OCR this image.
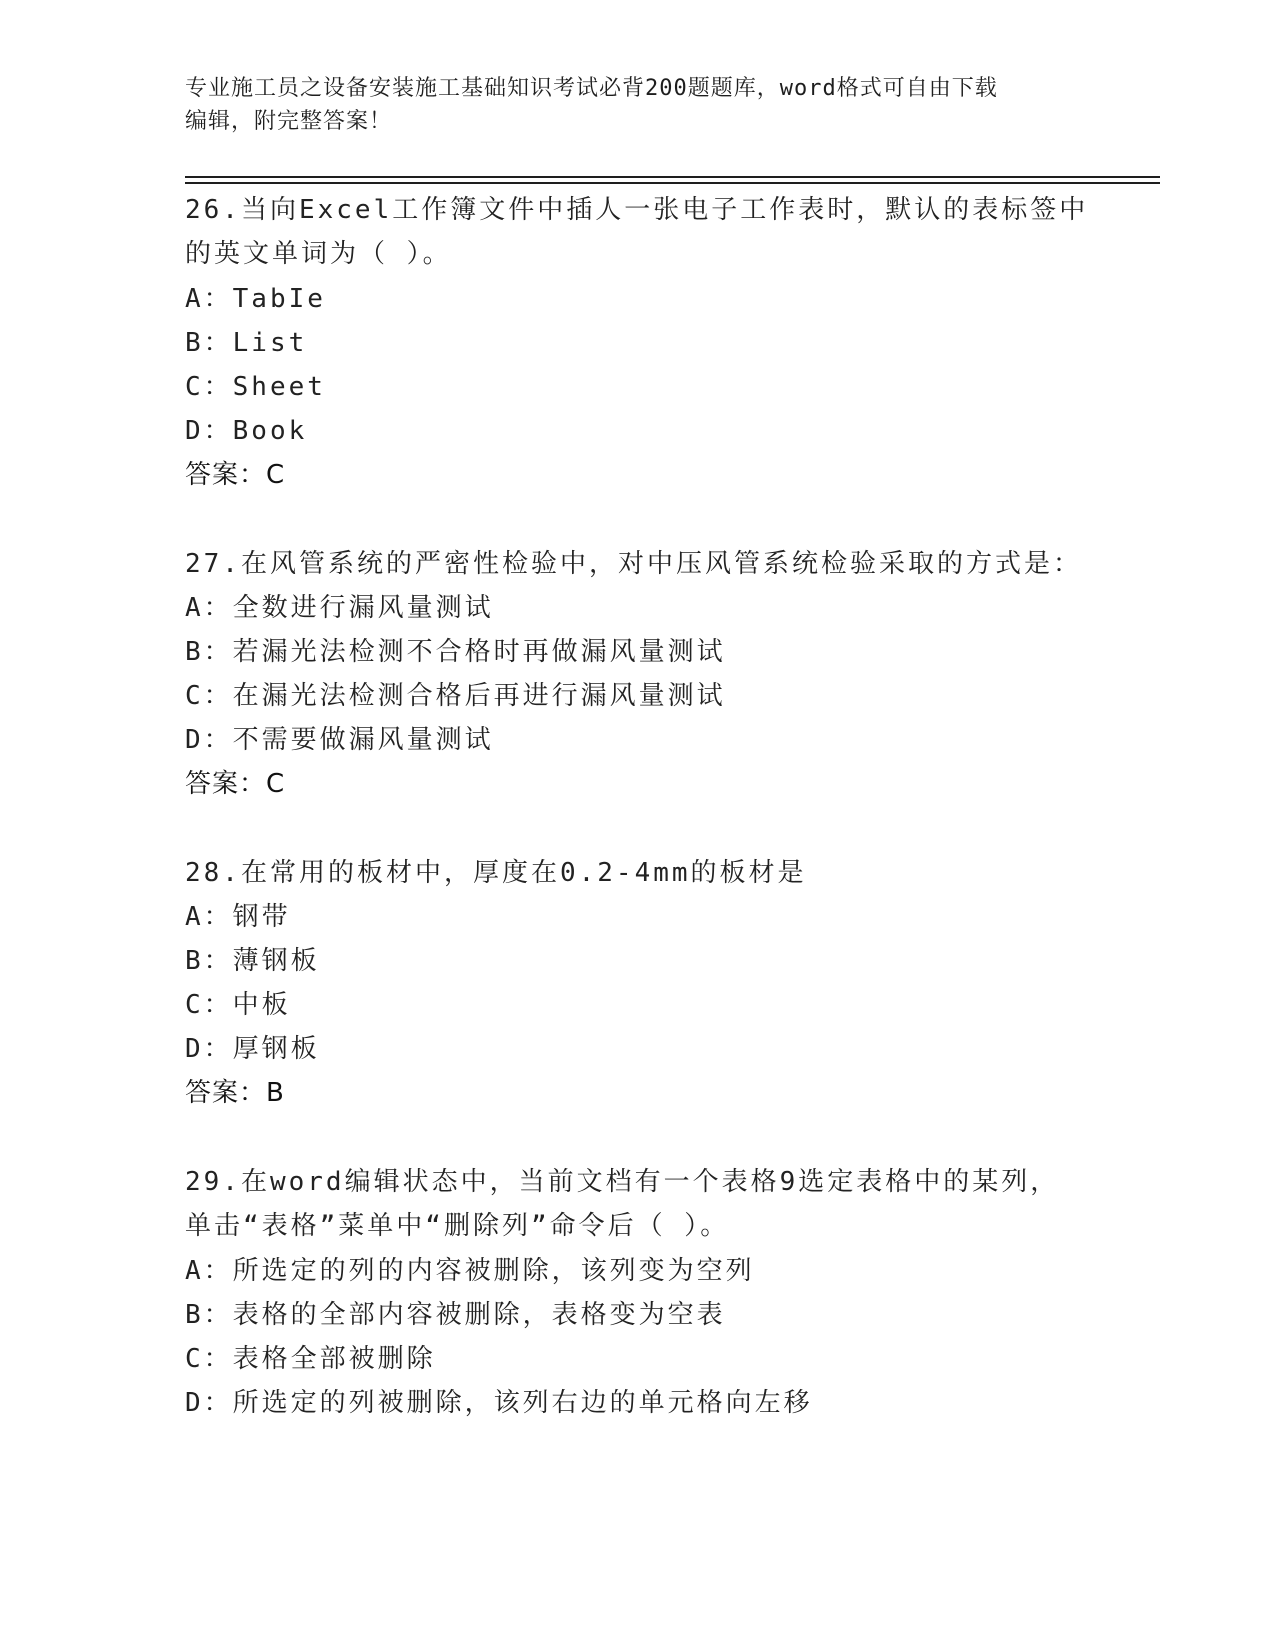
专业施工员之设备安装施工基础知识考试必背200题题库，word格式可自由下载
编辑，附完整答案！
26.当向Excel工作簿文件中插人一张电子工作表时，默认的表标签中
的英文单词为（ ）。
A：TabIe
B：List
C：Sheet
D：Book
答案：C
27.在风管系统的严密性检验中，对中压风管系统检验采取的方式是：
A：全数进行漏风量测试
B：若漏光法检测不合格时再做漏风量测试
C：在漏光法检测合格后再进行漏风量测试
D：不需要做漏风量测试
答案：C
28.在常用的板材中，厚度在0.2-4mm的板材是
A：钢带
B：薄钢板
C：中板
D：厚钢板
答案：B
29.在word编辑状态中，当前文档有一个表格9选定表格中的某列，
单击“表格”菜单中“删除列”命令后（ ）。
A：所选定的列的内容被删除，该列变为空列
B：表格的全部内容被删除，表格变为空表
C：表格全部被删除
D：所选定的列被删除，该列右边的单元格向左移
